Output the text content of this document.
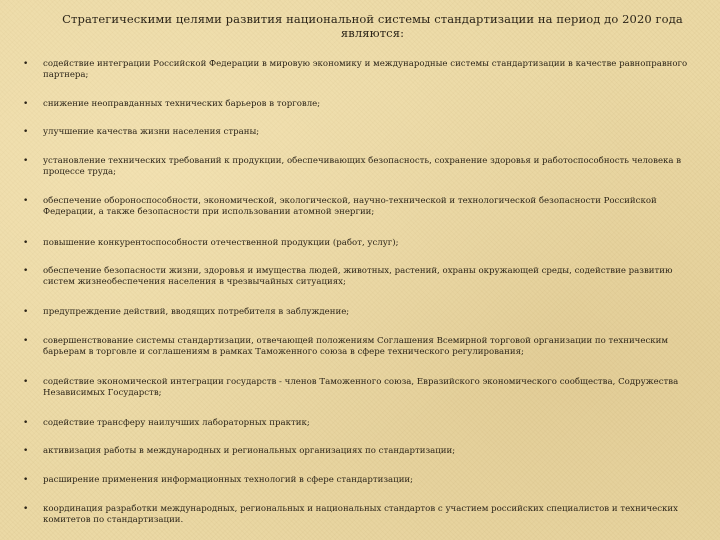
Стратегическими целями развития национальной системы стандартизации на период до 2020 года являются:
• содействие интеграции Российской Федерации в мировую экономику и международные системы стандартизации в качестве равноправного партнера;
• снижение неоправданных технических барьеров в торговле;
• улучшение качества жизни населения страны;
• установление технических требований к продукции, обеспечивающих безопасность, сохранение здоровья и работоспособность человека в процессе труда;
• обеспечение обороноспособности, экономической, экологической, научно-технической и технологической безопасности Российской Федерации, а также безопасности при использовании атомной энергии;
• повышение конкурентоспособности отечественной продукции (работ, услуг);
• обеспечение безопасности жизни, здоровья и имущества людей, животных, растений, охраны окружающей среды, содействие развитию систем жизнеобеспечения населения в чрезвычайных ситуациях;
• предупреждение действий, вводящих потребителя в заблуждение;
• совершенствование системы стандартизации, отвечающей положениям Соглашения Всемирной торговой организации по техническим барьерам в торговле и соглашениям в рамках Таможенного союза в сфере технического регулирования;
• содействие экономической интеграции государств - членов Таможенного союза, Евразийского экономического сообщества, Содружества Независимых Государств;
• содействие трансферу наилучших лабораторных практик;
• активизация работы в международных и региональных организациях по стандартизации;
• расширение применения информационных технологий в сфере стандартизации;
• координация разработки международных, региональных и национальных стандартов с участием российских специалистов и технических комитетов по стандартизации.
